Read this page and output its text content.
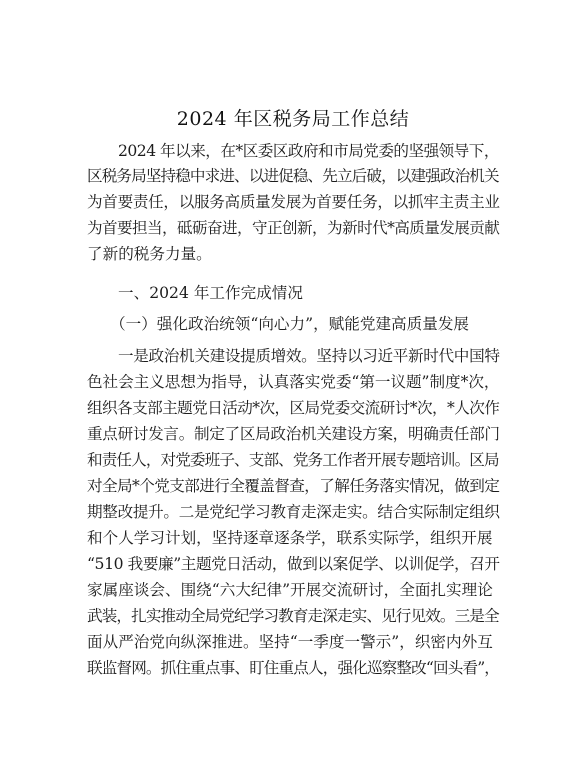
2024 年区税务局工作总结
2024 年以来，在*区委区政府和市局党委的坚强领导下，
区税务局坚持稳中求进、以进促稳、先立后破，以建强政治机关
为首要责任，以服务高质量发展为首要任务，以抓牢主责主业
为首要担当，砥砺奋进，守正创新，为新时代*高质量发展贡献
了新的税务力量。
一、2024 年工作完成情况
（一）强化政治统领“向心力”，赋能党建高质量发展
一是政治机关建设提质增效。坚持以习近平新时代中国特
色社会主义思想为指导，认真落实党委“第一议题”制度*次，
组织各支部主题党日活动*次，区局党委交流研讨*次，*人次作
重点研讨发言。制定了区局政治机关建设方案，明确责任部门
和责任人，对党委班子、支部、党务工作者开展专题培训。区局
对全局*个党支部进行全覆盖督查，了解任务落实情况，做到定
期整改提升。二是党纪学习教育走深走实。结合实际制定组织
和个人学习计划，坚持逐章逐条学，联系实际学，组织开展
“510 我要廉”主题党日活动，做到以案促学、以训促学，召开
家属座谈会、围绕“六大纪律”开展交流研讨，全面扎实理论
武装，扎实推动全局党纪学习教育走深走实、见行见效。三是全
面从严治党向纵深推进。坚持“一季度一警示”，织密内外互
联监督网。抓住重点事、盯住重点人，强化巡察整改“回头看”，
